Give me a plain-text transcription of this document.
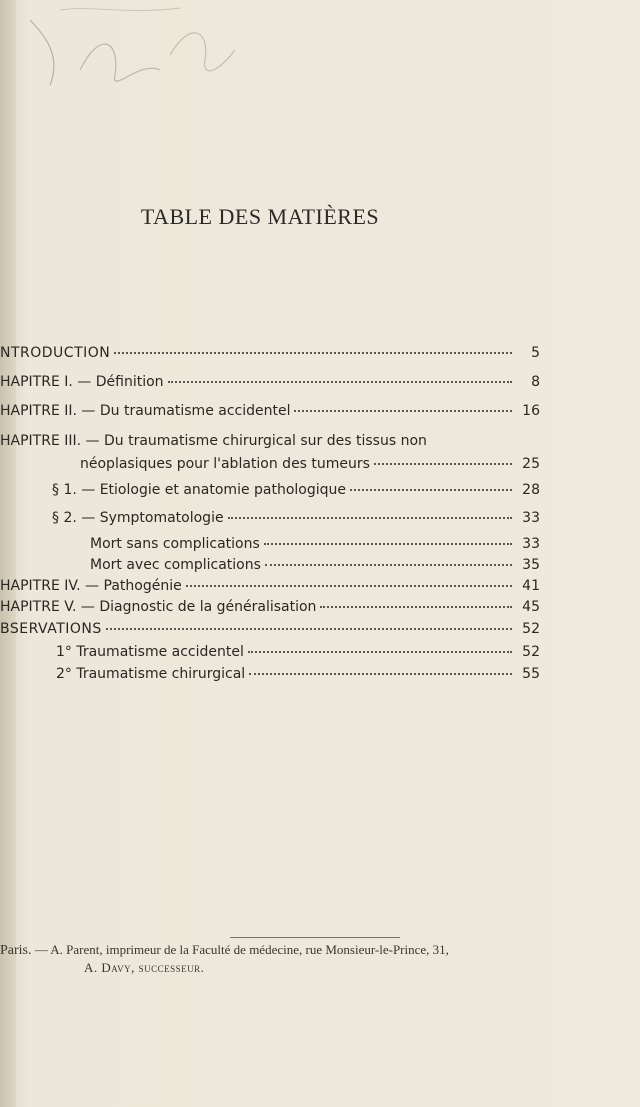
TABLE DES MATIÈRES
NTRODUCTION	5
HAPITRE I. — Définition	8
HAPITRE II. — Du traumatisme accidentel	16
HAPITRE III. — Du traumatisme chirurgical sur des tissus non
néoplasiques pour l'ablation des tumeurs	25
§ 1. — Etiologie et anatomie pathologique	28
§ 2. — Symptomatologie	33
Mort sans complications	33
Mort avec complications	35
HAPITRE IV. — Pathogénie	41
HAPITRE V. — Diagnostic de la généralisation	45
BSERVATIONS	52
1° Traumatisme accidentel	52
2° Traumatisme chirurgical	55
Paris. — A. Parent, imprimeur de la Faculté de médecine, rue Monsieur-le-Prince, 31,
A. Davy, successeur.
